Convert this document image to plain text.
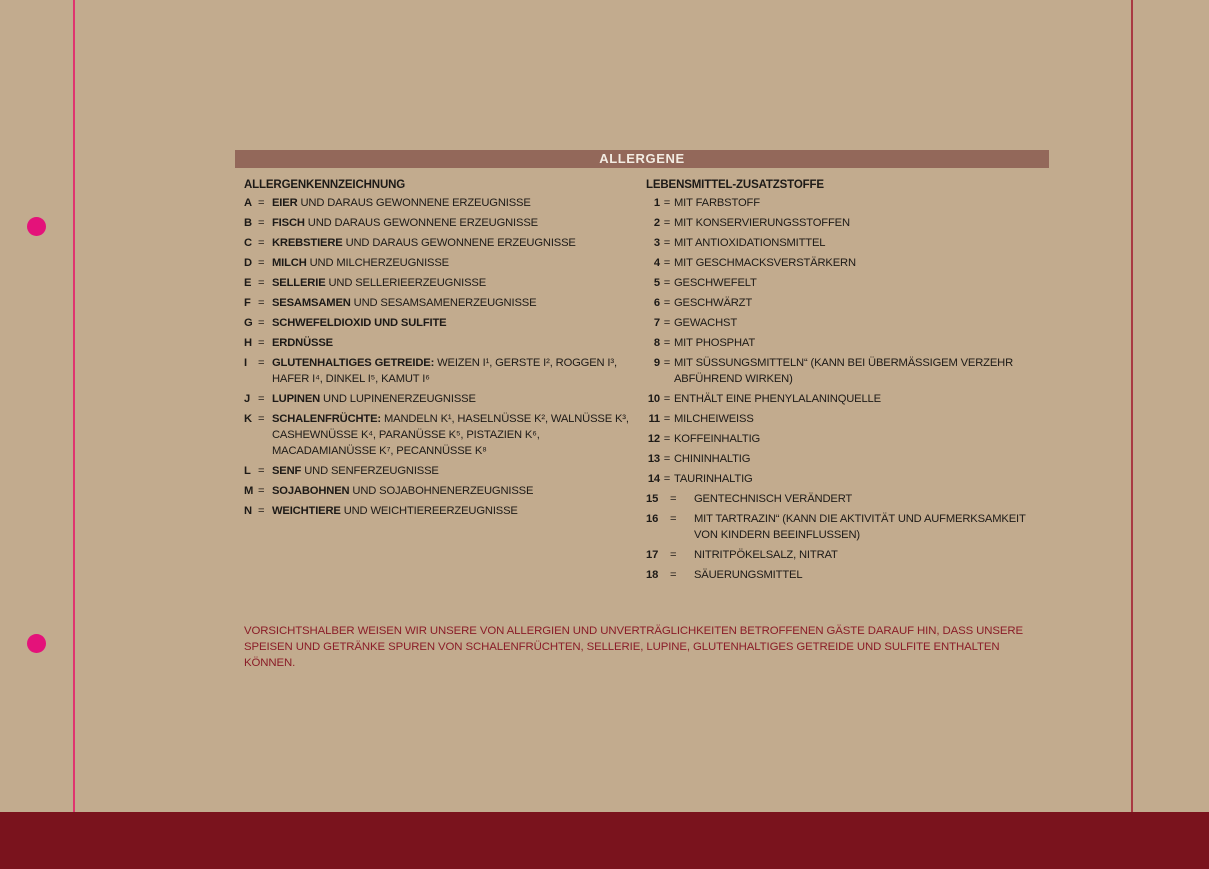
ALLERGENE
ALLERGENKENNZEICHNUNG
A = EIER UND DARAUS GEWONNENE ERZEUGNISSE
B = FISCH UND DARAUS GEWONNENE ERZEUGNISSE
C = KREBSTIERE UND DARAUS GEWONNENE ERZEUGNISSE
D = MILCH UND MILCHERZEUGNISSE
E = SELLERIE UND SELLERIEERZEUGNISSE
F = SESAMSAMEN UND SESAMSAMENERZEUGNISSE
G = SCHWEFELDIOXID UND SULFITE
H = ERDNÜSSE
I = GLUTENHALTIGES GETREIDE: WEIZEN I¹, GERSTE I², ROGGEN I³, HAFER I⁴, DINKEL I⁵, KAMUT I⁶
J = LUPINEN UND LUPINENERZEUGNISSE
K = SCHALENFRÜCHTE: MANDELN K¹, HASELNÜSSE K², WALNÜSSE K³, CASHEWNÜSSE K⁴, PARANÜSSE K⁵, PISTAZIEN K⁶, MACADAMIANÜSSE K⁷, PECANNÜSSE K⁸
L = SENF UND SENFERZEUGNISSE
M = SOJABOHNEN UND SOJABOHNENERZEUGNISSE
N = WEICHTIERE UND WEICHTIEREERZEUGNISSE
LEBENSMITTEL-ZUSATZSTOFFE
1 = MIT FARBSTOFF
2 = MIT KONSERVIERUNGSSTOFFEN
3 = MIT ANTIOXIDATIONSMITTEL
4 = MIT GESCHMACKSVERSTÄRKERN
5 = GESCHWEFELT
6 = GESCHWÄRZT
7 = GEWACHST
8 = MIT PHOSPHAT
9 = MIT SÜSSUNGSMITTELN“ (KANN BEI ÜBERMÄSSIGEM VERZEHR ABFÜHREND WIRKEN)
10 = ENTHÄLT EINE PHENYLALANINQUELLE
11 = MILCHEIWEISS
12 = KOFFEINHALTIG
13 = CHININHALTIG
14 = TAURINHALTIG
15	=	GENTECHNISCH VERÄNDERT
16	=	MIT TARTRAZIN“ (KANN DIE AKTIVITÄT UND AUFMERKSAMKEIT VON KINDERN BEEINFLUSSEN)
17	=	NITRITPÖKELSALZ, NITRAT
18	=	SÄUERUNGSMITTEL
VORSICHTSHALBER WEISEN WIR UNSERE VON ALLERGIEN UND UNVERTRÄGLICHKEITEN BETROFFENEN GÄSTE DARAUF HIN, DASS UNSERE SPEISEN UND GETRÄNKE SPUREN VON SCHALENFRÜCHTEN, SELLERIE, LUPINE, GLUTENHALTIGES GETREIDE UND SULFITE ENTHALTEN KÖNNEN.
